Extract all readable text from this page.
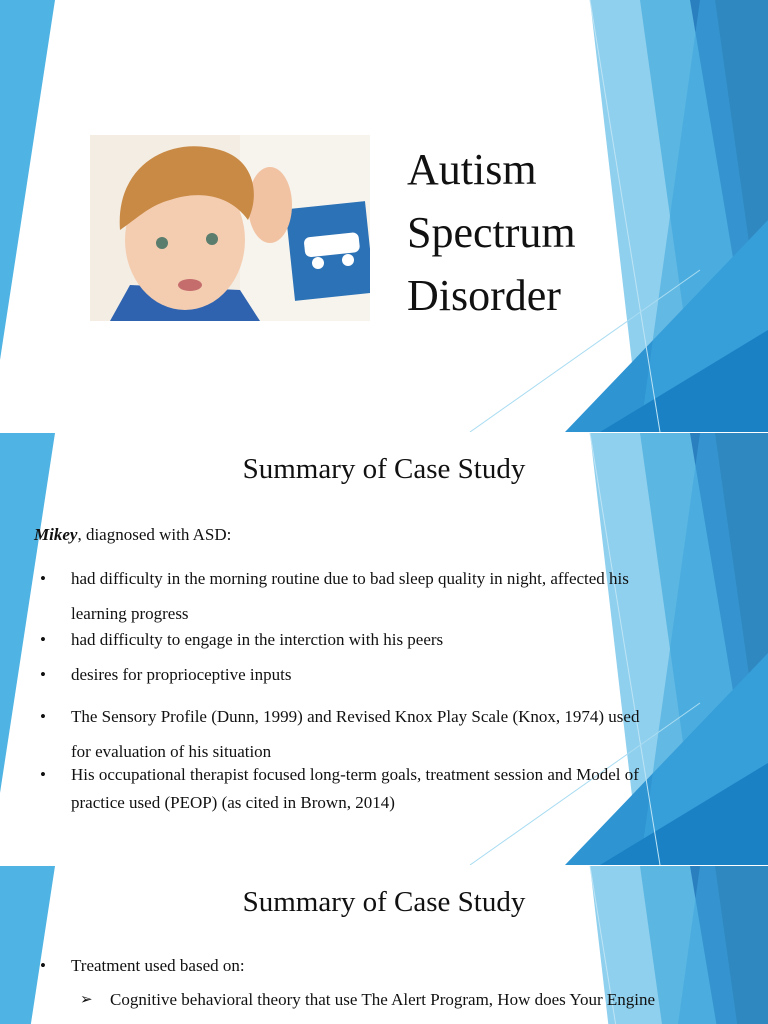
Autism
Spectrum
Disorder
Summary of Case Study
Mikey, diagnosed with ASD:
• had difficulty in the morning routine due to bad sleep quality in night, affected his
learning progress
• had difficulty to engage in the interction with his peers
• desires for proprioceptive inputs
• The Sensory Profile (Dunn, 1999) and Revised Knox Play Scale (Knox, 1974) used
for evaluation of his situation
• His occupational therapist focused long-term goals, treatment session and Model of
practice used (PEOP) (as cited in Brown, 2014)
Summary of Case Study
• Treatment used based on:
➢ Cognitive behavioral theory that use The Alert Program, How does Your Engine
